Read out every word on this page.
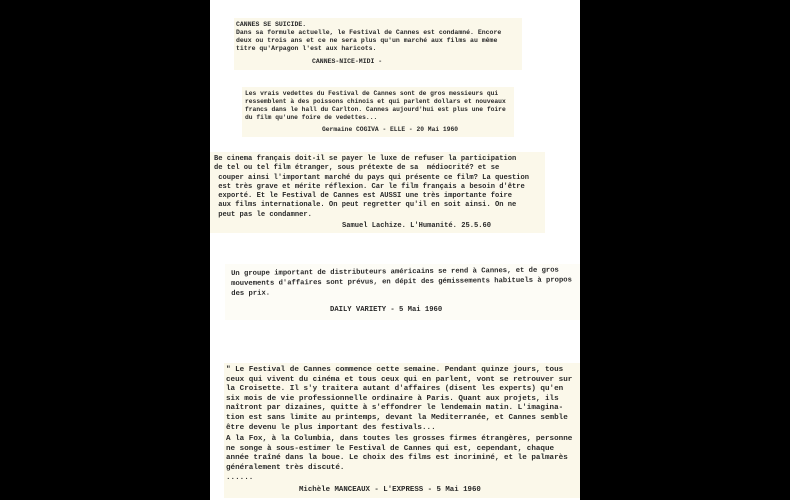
CANNES SE SUICIDE.
Dans sa formule actuelle, le Festival de Cannes est condamné. Encore
deux ou trois ans et ce ne sera plus qu'un marché aux films au même
titre qu'Arpagon l'est aux haricots.
CANNES-NICE-MIDI -
Les vrais vedettes du Festival de Cannes sont de gros messieurs qui
ressemblent à des poissons chinois et qui parlent dollars et nouveaux
francs dans le hall du Carlton. Cannes aujourd'hui est plus une foire
du film qu'une foire de vedettes...
Germaine COGIVA - ELLE - 20 Mai 1960
Be cinema français doit-il se payer le luxe de refuser la participation
de tel ou tel film étranger, sous prétexte de sa  médiocrité? et se
couper ainsi l'important marché du pays qui présente ce film? La question
est très grave et mérite réflexion. Car le film français a besoin d'être
exporté. Et le Festival de Cannes est AUSSI une très importante foire
aux films internationale. On peut regretter qu'il en soit ainsi. On ne
peut pas le condamner.
Samuel Lachize. L'Humanité. 25.5.60
Un groupe important de distributeurs américains se rend à Cannes, et de gros
mouvements d'affaires sont prévus, en dépit des gémissements habituels à propos
des prix.
DAILY VARIETY - 5 Mai 1960
" Le Festival de Cannes commence cette semaine. Pendant quinze jours, tous
ceux qui vivent du cinéma et tous ceux qui en parlent, vont se retrouver sur
la Croisette. Il s'y traitera autant d'affaires (disent les experts) qu'en
six mois de vie professionnelle ordinaire à Paris. Quant aux projets, ils
naîtront par dizaines, quitte à s'effondrer le lendemain matin. L'imagina-
tion est sans limite au printemps, devant la Mediterranée, et Cannes semble
être devenu le plus important des festivals...
A la Fox, à la Columbia, dans toutes les grosses firmes étrangères, personne
ne songe à sous-estimer le Festival de Cannes qui est, cependant, chaque
année traîné dans la boue. Le choix des films est incriminé, et le palmarès
généralement très discuté.
......
Michèle MANCEAUX - L'EXPRESS - 5 Mai 1960
